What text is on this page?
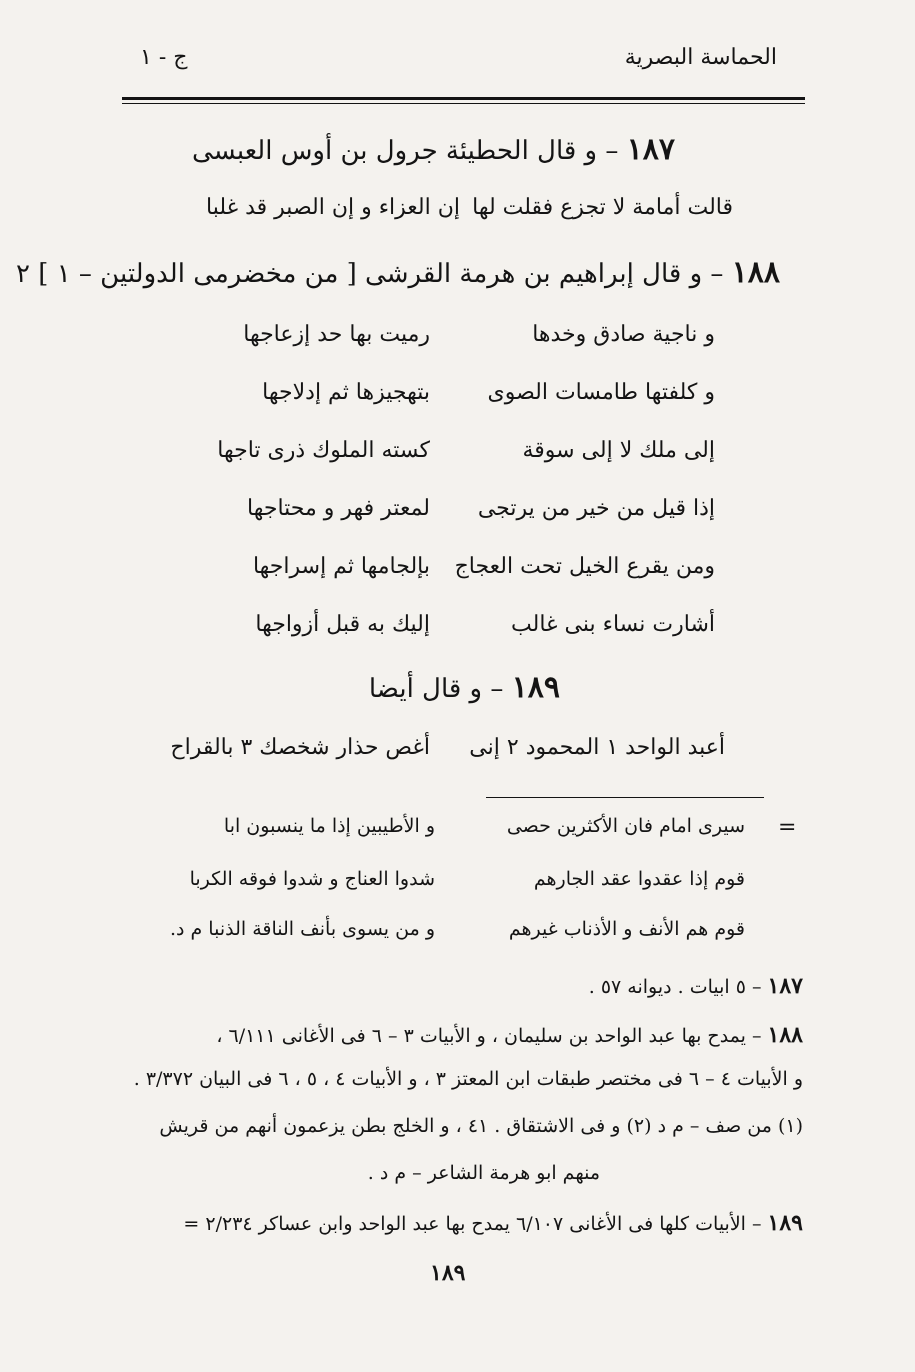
الحماسة البصرية
ج - ١
١٨٧ – و قال الحطيئة جرول بن أوس العبسى
قالت أمامة لا تجزع فقلت لها
إن العزاء و إن الصبر قد غلبا
١٨٨ – و قال إبراهيم بن هرمة القرشى [ من مخضرمى الدولتين – ١ ] ٢
و ناجية صادق وخدها
رميت بها حد إزعاجها
و كلفتها طامسات الصوى
بتهجيزها ثم إدلاجها
إلى ملك لا إلى سوقة
كسته الملوك ذرى تاجها
إذا قيل من خير من يرتجى
لمعتر فهر و محتاجها
ومن يقرع الخيل تحت العجاج
بإلجامها ثم إسراجها
أشارت نساء بنى غالب
إليك به قبل أزواجها
١٨٩ – و قال أيضا
أعبد الواحد ١ المحمود ٢ إنى
أغص حذار شخصك ٣ بالقراح
=
سيرى امام فان الأكثرين حصى
و الأطيبين إذا ما ينسبون ابا
قوم إذا عقدوا عقد الجارهم
شدوا العناج و شدوا فوقه الكربا
قوم هم الأنف و الأذناب غيرهم
و من يسوى بأنف الناقة الذنبا م د.
١٨٧ – ٥ ابيات . ديوانه ٥٧ .
١٨٨ – يمدح بها عبد الواحد بن سليمان ، و الأبيات ٣ – ٦ فى الأغانى ٦/١١١ ،
و الأبيات ٤ – ٦ فى مختصر طبقات ابن المعتز ٣ ، و الأبيات ٤ ، ٥ ، ٦ فى البيان ٣/٣٧٢ .
(١) من صف – م د (٢) و فى الاشتقاق . ٤١ ، و الخلج بطن يزعمون أنهم من قريش
منهم ابو هرمة الشاعر – م د .
١٨٩ – الأبيات كلها فى الأغانى ٦/١٠٧ يمدح بها عبد الواحد وابن عساكر ٢/٢٣٤ =
١٨٩
